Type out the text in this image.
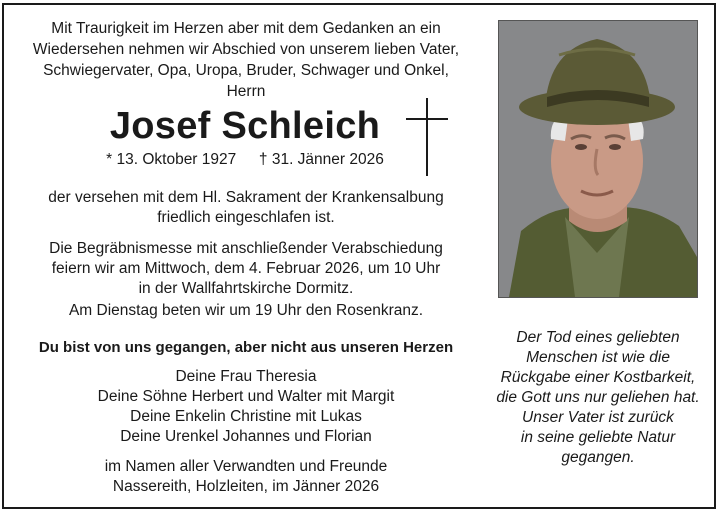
Mit Traurigkeit im Herzen aber mit dem Gedanken an ein
Wiedersehen nehmen wir Abschied von unserem lieben Vater,
Schwiegervater, Opa, Uropa, Bruder, Schwager und Onkel,
Herrn
Josef Schleich
* 13. Oktober 1927 † 31. Jänner 2026
der versehen mit dem Hl. Sakrament der Krankensalbung
friedlich eingeschlafen ist.
Die Begräbnismesse mit anschließender Verabschiedung
feiern wir am Mittwoch, dem 4. Februar 2026, um 10 Uhr
in der Wallfahrtskirche Dormitz.
Am Dienstag beten wir um 19 Uhr den Rosenkranz.
Du bist von uns gegangen, aber nicht aus unseren Herzen
Deine Frau Theresia
Deine Söhne Herbert und Walter mit Margit
Deine Enkelin Christine mit Lukas
Deine Urenkel Johannes und Florian
im Namen aller Verwandten und Freunde
Nassereith, Holzleiten, im Jänner 2026
Der Tod eines geliebten
Menschen ist wie die
Rückgabe einer Kostbarkeit,
die Gott uns nur geliehen hat.
Unser Vater ist zurück
in seine geliebte Natur
gegangen.
